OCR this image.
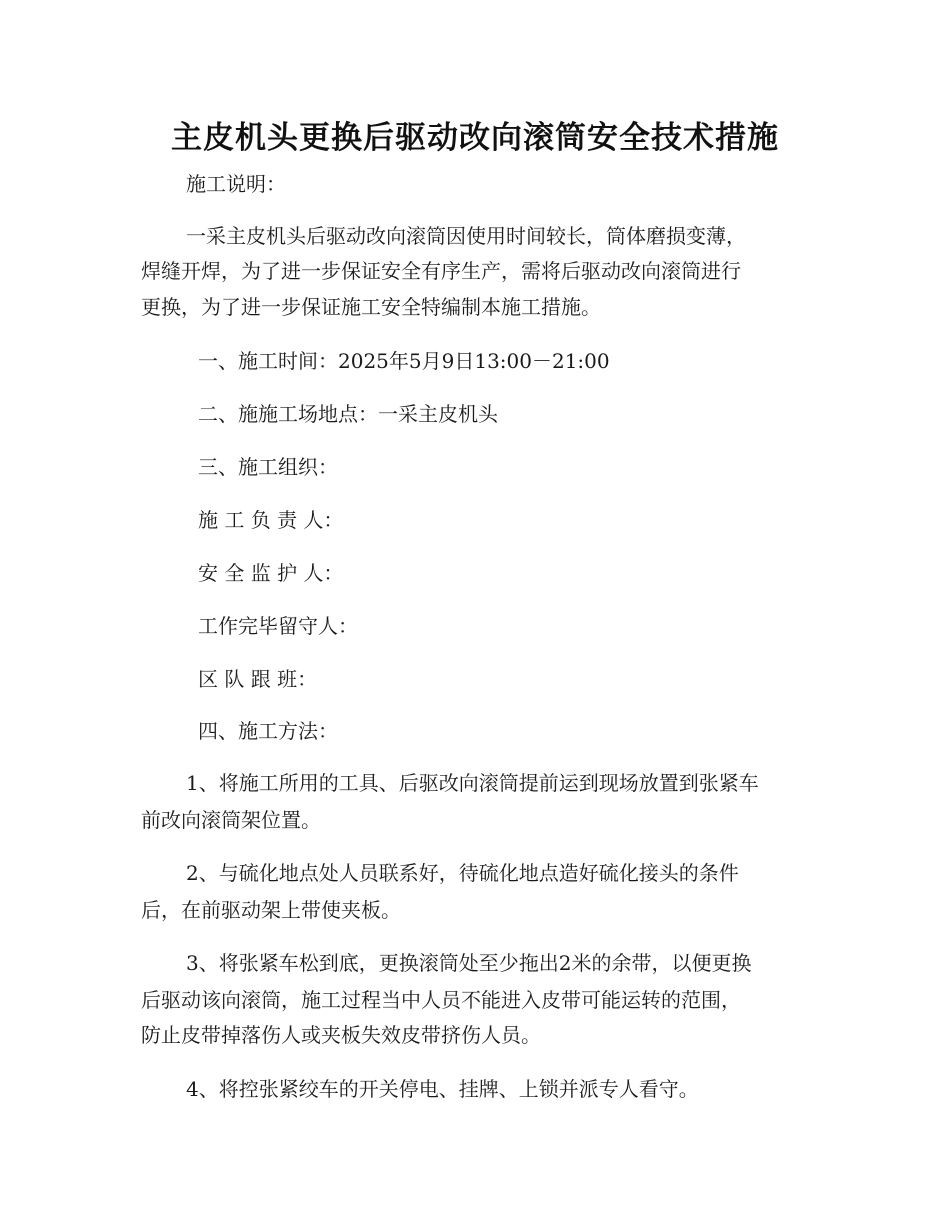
主皮机头更换后驱动改向滚筒安全技术措施
施工说明：
一采主皮机头后驱动改向滚筒因使用时间较长，筒体磨损变薄，
焊缝开焊，为了进一步保证安全有序生产，需将后驱动改向滚筒进行
更换，为了进一步保证施工安全特编制本施工措施。
一、施工时间：2025年5月9日13:00－21:00
二、施施工场地点：一采主皮机头
三、施工组织：
施 工 负 责 人：
安 全 监 护 人：
工作完毕留守人：
区 队 跟 班：
四、施工方法：
1、将施工所用的工具、后驱改向滚筒提前运到现场放置到张紧车
前改向滚筒架位置。
2、与硫化地点处人员联系好，待硫化地点造好硫化接头的条件
后，在前驱动架上带使夹板。
3、将张紧车松到底，更换滚筒处至少拖出2米的余带，以便更换
后驱动该向滚筒，施工过程当中人员不能进入皮带可能运转的范围，
防止皮带掉落伤人或夹板失效皮带挤伤人员。
4、将控张紧绞车的开关停电、挂牌、上锁并派专人看守。
